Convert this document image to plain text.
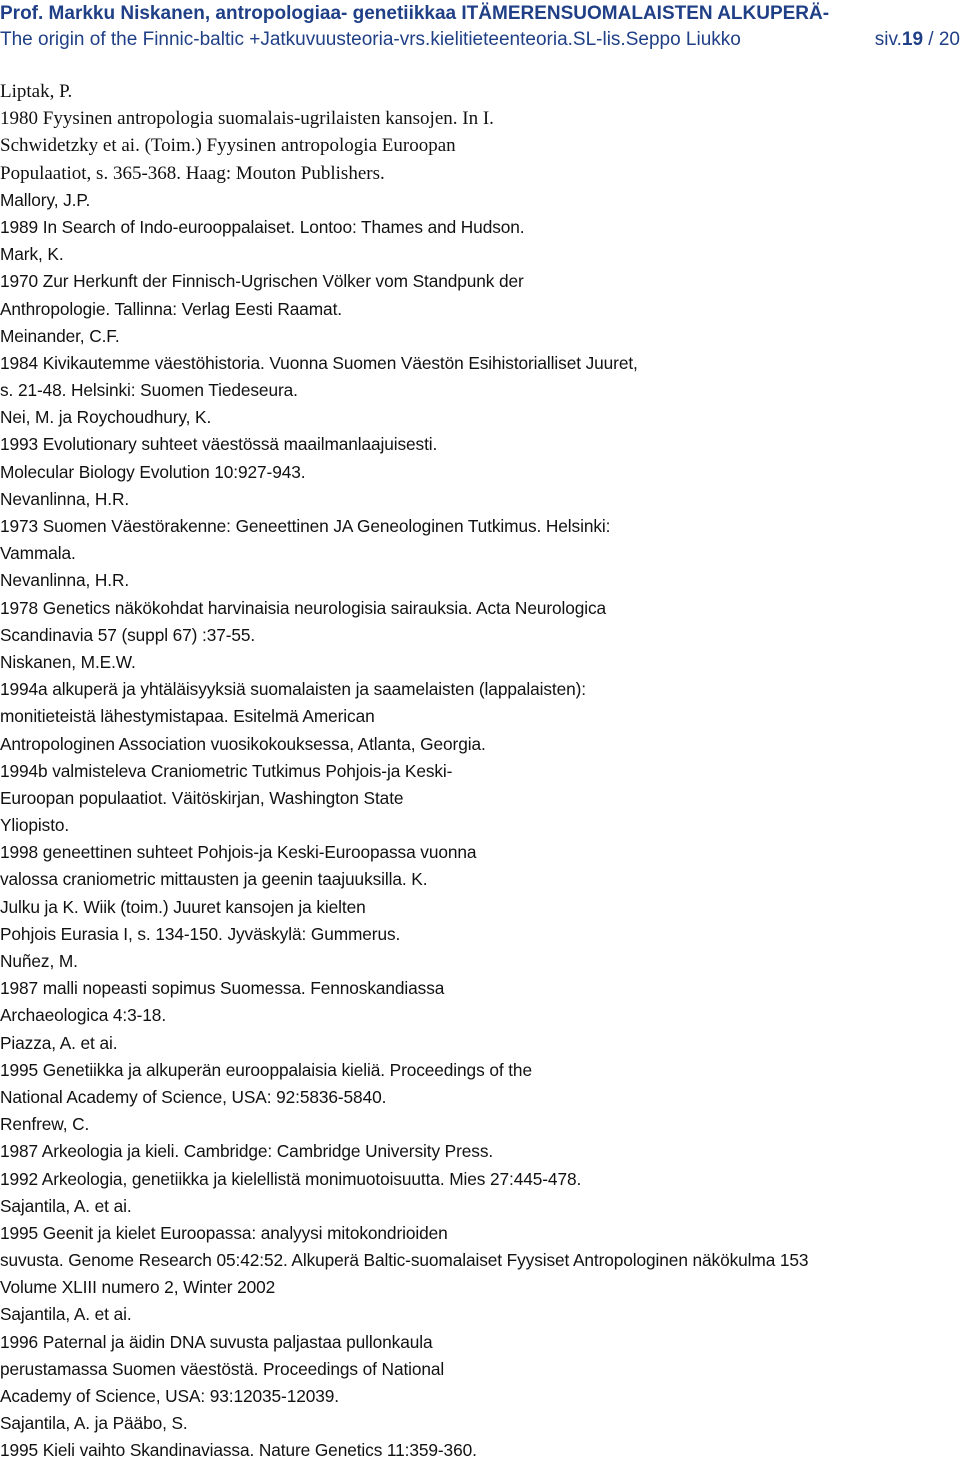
Prof. Markku Niskanen, antropologiaa- genetiikkaa ITÄMERENSUOMALAISTEN ALKUPERÄ-
The origin of the Finnic-baltic +Jatkuvuusteoria-vrs.kielitieteenteoria.SL-lis.Seppo Liukko	siv.19 / 20
Liptak, P.
1980 Fyysinen antropologia suomalais-ugrilaisten kansojen. In I.
Schwidetzky et ai. (Toim.) Fyysinen antropologia Euroopan
Populaatiot, s. 365-368. Haag: Mouton Publishers.
Mallory, J.P.
1989 In Search of Indo-eurooppalaiset. Lontoo: Thames and Hudson.
Mark, K.
1970 Zur Herkunft der Finnisch-Ugrischen Völker vom Standpunk der
Anthropologie. Tallinna: Verlag Eesti Raamat.
Meinander, C.F.
1984 Kivikautemme väestöhistoria. Vuonna Suomen Väestön Esihistorialliset Juuret,
s. 21-48. Helsinki: Suomen Tiedeseura.
Nei, M. ja Roychoudhury, K.
1993 Evolutionary suhteet väestössä maailmanlaajuisesti.
Molecular Biology Evolution 10:927-943.
Nevanlinna, H.R.
1973 Suomen Väestörakenne: Geneettinen JA Geneologinen Tutkimus. Helsinki:
Vammala.
Nevanlinna, H.R.
1978 Genetics näkökohdat harvinaisia neurologisia sairauksia. Acta Neurologica
Scandinavia 57 (suppl 67) :37-55.
Niskanen, M.E.W.
1994a alkuperä ja yhtäläisyyksiä suomalaisten ja saamelaisten (lappalaisten):
monitieteistä lähestymistapaa. Esitelmä American
Antropologinen Association vuosikokouksessa, Atlanta, Georgia.
1994b valmisteleva Craniometric Tutkimus Pohjois-ja Keski-
Euroopan populaatiot. Väitöskirjan, Washington State
Yliopisto.
1998 geneettinen suhteet Pohjois-ja Keski-Euroopassa vuonna
valossa craniometric mittausten ja geenin taajuuksilla. K.
Julku ja K. Wiik (toim.) Juuret kansojen ja kielten
Pohjois Eurasia I, s. 134-150. Jyväskylä: Gummerus.
Nuñez, M.
1987 malli nopeasti sopimus Suomessa. Fennoskandiassa
Archaeologica 4:3-18.
Piazza, A. et ai.
1995 Genetiikka ja alkuperän eurooppalaisia kieliä. Proceedings of the
National Academy of Science, USA: 92:5836-5840.
Renfrew, C.
1987 Arkeologia ja kieli. Cambridge: Cambridge University Press.
1992 Arkeologia, genetiikka ja kielellistä monimuotoisuutta. Mies 27:445-478.
Sajantila, A. et ai.
1995 Geenit ja kielet Euroopassa: analyysi mitokondrioiden
suvusta. Genome Research 05:42:52. Alkuperä Baltic-suomalaiset Fyysiset Antropologinen näkökulma 153
Volume XLIII numero 2, Winter 2002
Sajantila, A. et ai.
1996 Paternal ja äidin DNA suvusta paljastaa pullonkaula
perustamassa Suomen väestöstä. Proceedings of National
Academy of Science, USA: 93:12035-12039.
Sajantila, A. ja Pääbo, S.
1995 Kieli vaihto Skandinaviassa. Nature Genetics 11:359-360.
